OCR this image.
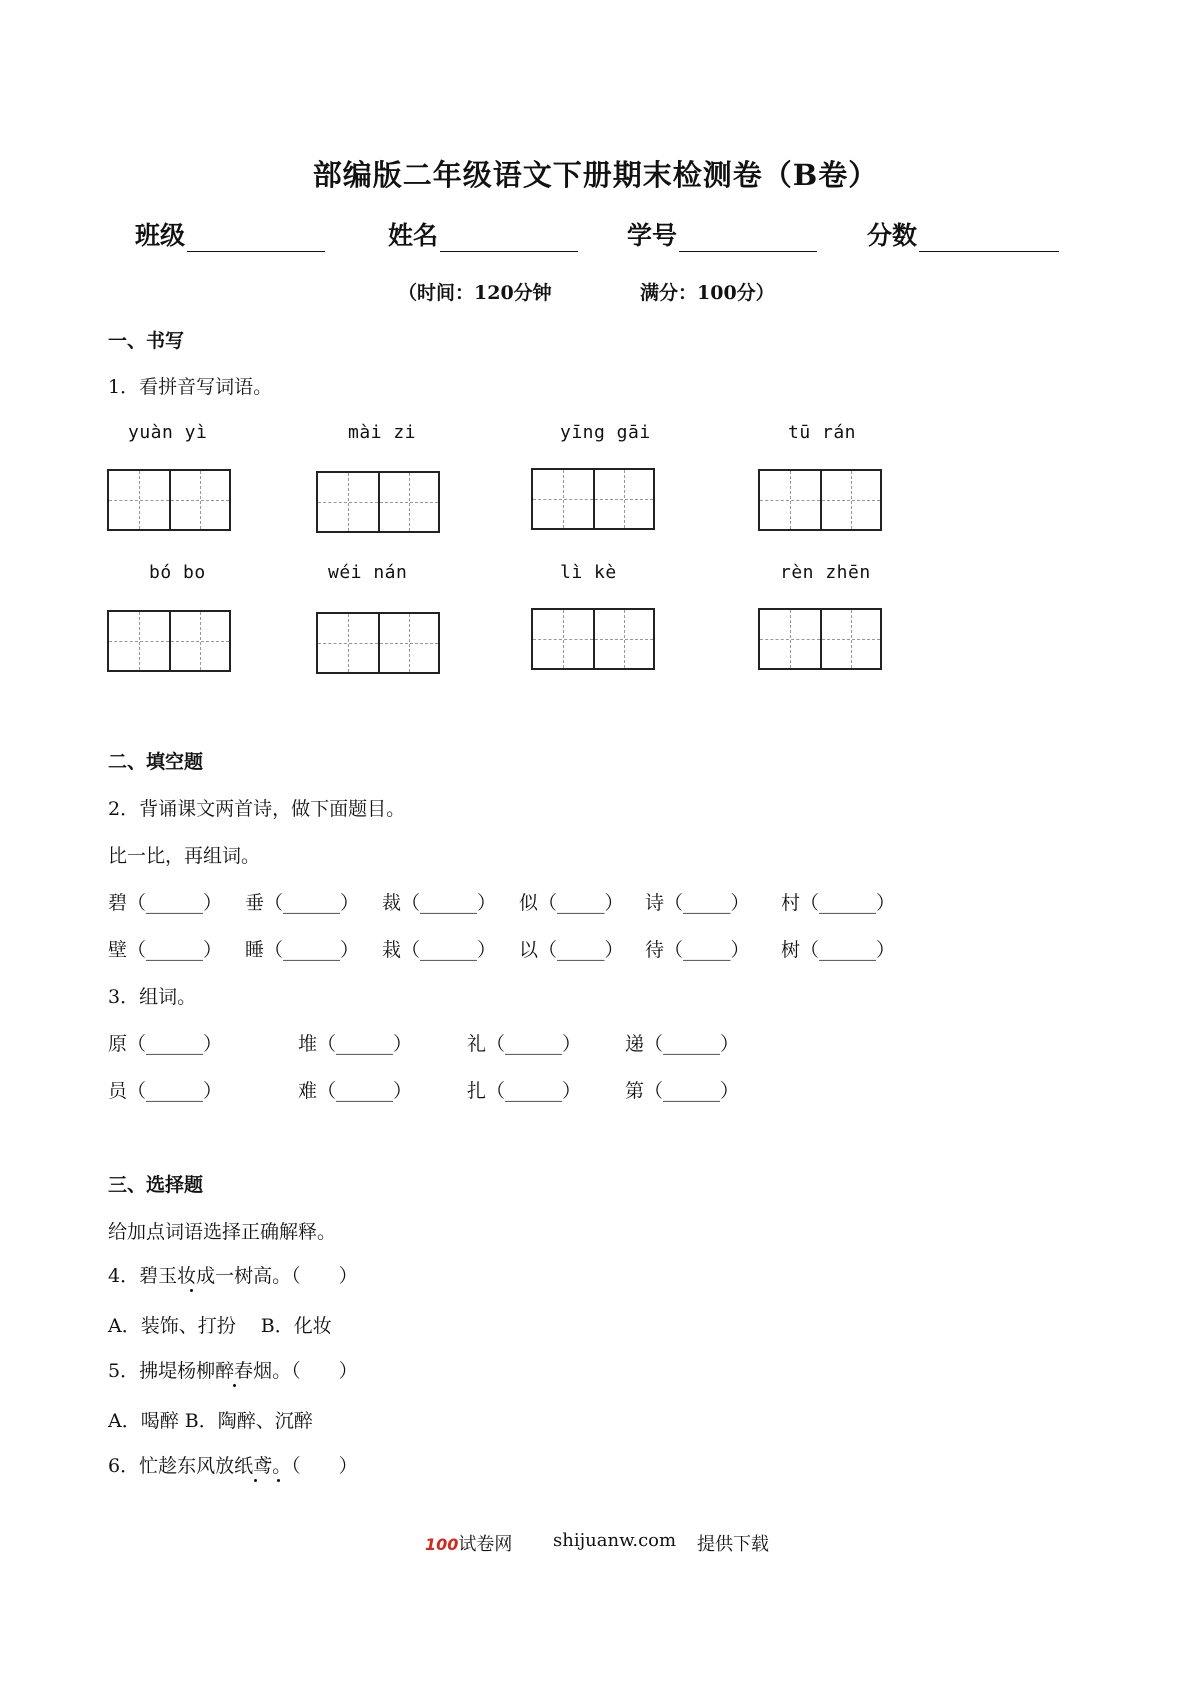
部编版二年级语文下册期末检测卷（B卷）
班级	姓名	学号	分数
（时间：120分钟	满分：100分）
一、书写
1．看拼音写词语。
yuàn yì	mài zi	yīng gāi	tū rán
bó bo	wéi nán	lì kè	rèn zhēn
二、填空题
2．背诵课文两首诗，做下面题目。
比一比，再组词。
碧（______） 垂（______） 裁（______） 似（_____） 诗（_____） 村（______）
壁（______） 睡（______） 栽（______） 以（_____） 待（_____） 树（______）
3．组词。
原（______）	堆（______）	礼（______） 递（______）
员（______）	难（______）	扎（______） 第（______）
三、选择题
给加点词语选择正确解释。
4．碧玉妆成一树高。（　　）
A．装饰、打扮　 B．化妆
5．拂堤杨柳醉春烟。（　　）
A．喝醉 B．陶醉、沉醉
6．忙趁东风放纸鸢。（　　）
100试卷网 shijuanw.com 提供下载
